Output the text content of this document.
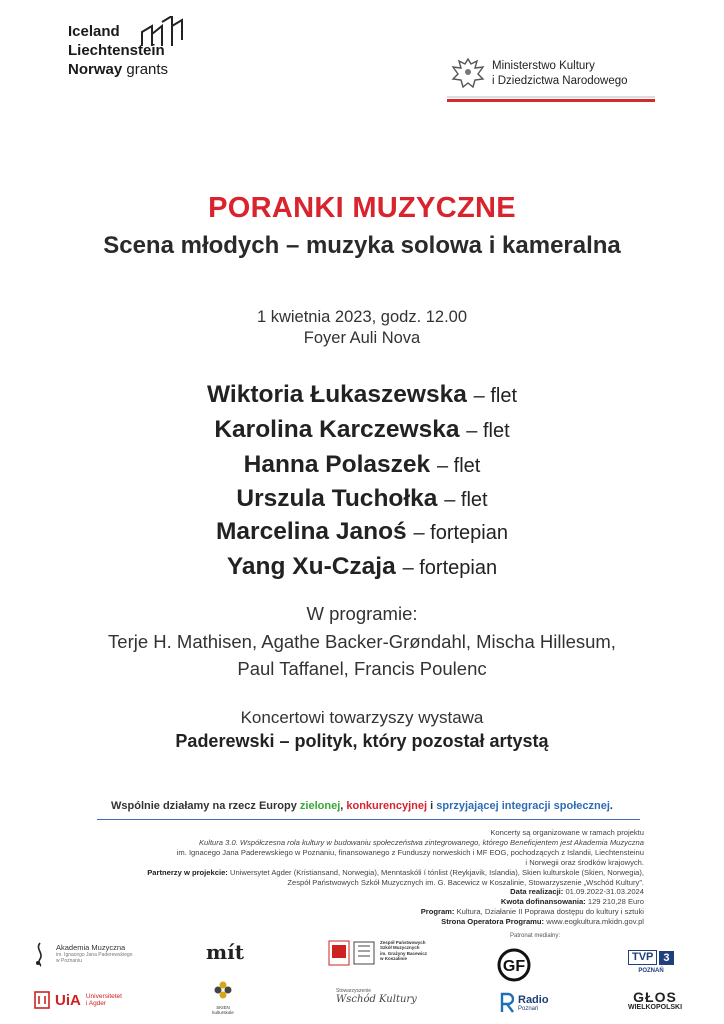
Iceland
Liechtenstein
Norway grants	Ministerstwo Kultury
i Dziedzictwa Narodowego
PORANKI MUZYCZNE
Scena młodych – muzyka solowa i kameralna
1 kwietnia 2023, godz. 12.00
Foyer Auli Nova
Wiktoria Łukaszewska – flet
Karolina Karczewska – flet
Hanna Polaszek – flet
Urszula Tuchołka – flet
Marcelina Janoś – fortepian
Yang Xu-Czaja – fortepian
W programie:
Terje H. Mathisen, Agathe Backer-Grøndahl, Mischa Hillesum,
Paul Taffanel, Francis Poulenc
Koncertowi towarzyszy wystawa
Paderewski – polityk, który pozostał artystą
Wspólnie działamy na rzecz Europy zielonej, konkurencyjnej i sprzyjającej integracji społecznej.
Koncerty są organizowane w ramach projektu
Kultura 3.0. Współczesna rola kultury w budowaniu społeczeństwa zintegrowanego, którego Beneficjentem jest Akademia Muzyczna
im. Ignacego Jana Paderewskiego w Poznaniu, finansowanego z Funduszy norweskich i MF EOG, pochodzących z Islandii, Liechtensteinu
i Norwegii oraz środków krajowych.
Partnerzy w projekcie: Uniwersytet Agder (Kristiansand, Norwegia), Menntaskóli í tónlist (Reykjavik, Islandia), Skien kulturskole (Skien, Norwegia),
Zespół Państwowych Szkół Muzycznych im. G. Bacewicz w Koszalinie, Stowarzyszenie „Wschód Kultury”.
Data realizacji: 01.09.2022-31.03.2024
Kwota dofinansowania: 129 210,28 Euro
Program: Kultura, Działanie II Poprawa dostępu do kultury i sztuki
Strona Operatora Programu: www.eogkultura.mkidn.gov.pl
Akademia Muzyczna
im. Ignacego Jana Paderewskiego
w Poznaniu	mít	Zespół Państwowych
Szkół Muzycznych
im. Grażyny Bacewicz
w Koszalinie
Patronat medialny:
GF
TVP 3
POZNAŃ
UiA Universitetet
i Agder
SKIEN
kulturskole
Stowarzyszenie
Wschód Kultury	Radio
Poznań
GŁOS
WIELKOPOLSKI
